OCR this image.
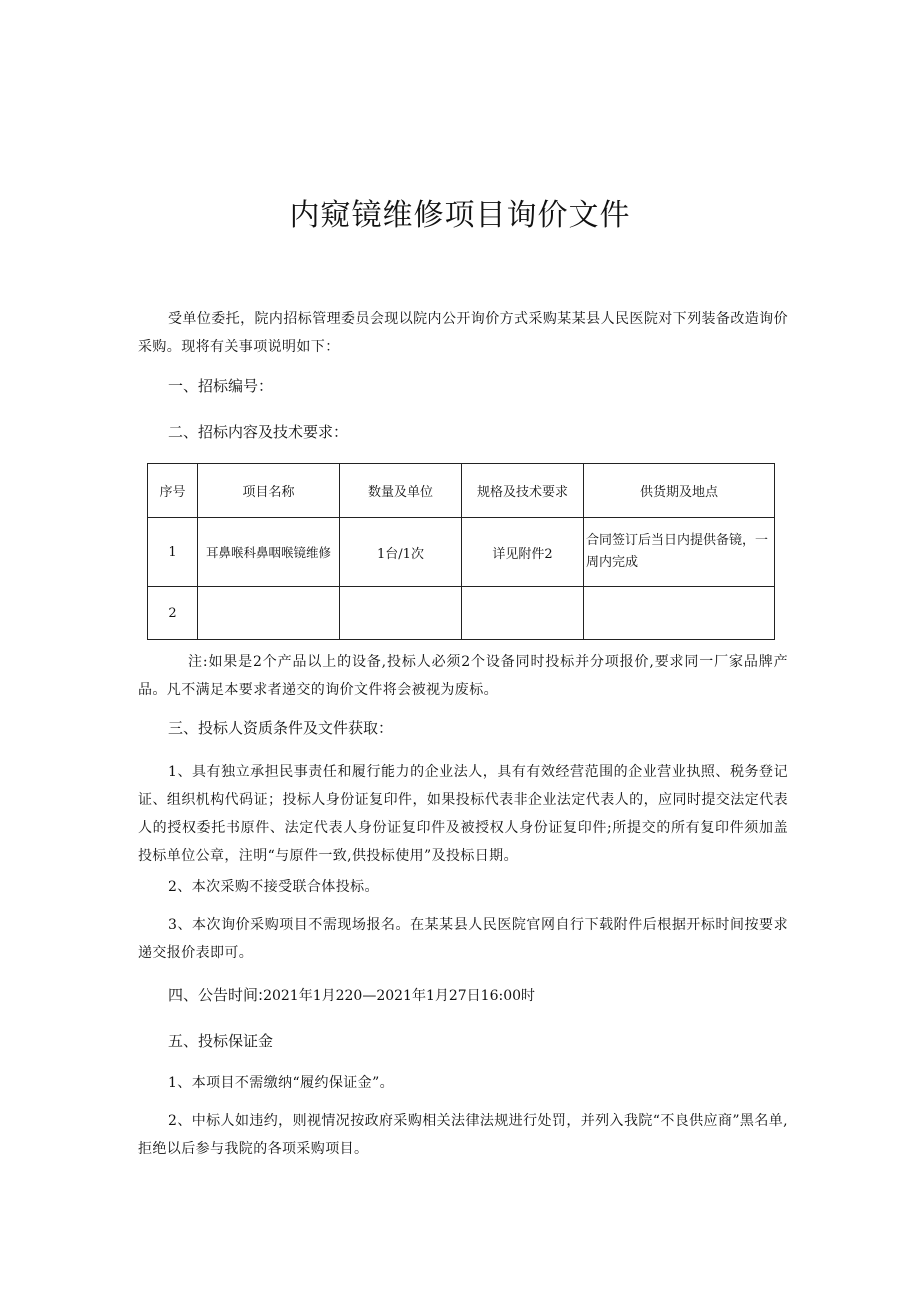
内窥镜维修项目询价文件
受单位委托，院内招标管理委员会现以院内公开询价方式采购某某县人民医院对下列装备改造询价采购。现将有关事项说明如下：
一、招标编号：
二、招标内容及技术要求：
序号	项目名称	数量及单位	规格及技术要求	供货期及地点
1	耳鼻喉科鼻咽喉镜维修	1台/1次	详见附件2	合同签订后当日内提供备镜，一周内完成
2				
注:如果是2个产品以上的设备,投标人必须2个设备同时投标并分项报价,要求同一厂家品牌产品。凡不满足本要求者递交的询价文件将会被视为废标。
三、投标人资质条件及文件获取：
1、具有独立承担民事责任和履行能力的企业法人，具有有效经营范围的企业营业执照、税务登记证、组织机构代码证；投标人身份证复印件，如果投标代表非企业法定代表人的，应同时提交法定代表人的授权委托书原件、法定代表人身份证复印件及被授权人身份证复印件;所提交的所有复印件须加盖投标单位公章，注明“与原件一致,供投标使用”及投标日期。
2、本次采购不接受联合体投标。
3、本次询价采购项目不需现场报名。在某某县人民医院官网自行下载附件后根据开标时间按要求递交报价表即可。
四、公告时间:2021年1月220—2021年1月27日16:00时
五、投标保证金
1、本项目不需缴纳“履约保证金”。
2、中标人如违约，则视情况按政府采购相关法律法规进行处罚，并列入我院“不良供应商”黑名单,拒绝以后参与我院的各项采购项目。
